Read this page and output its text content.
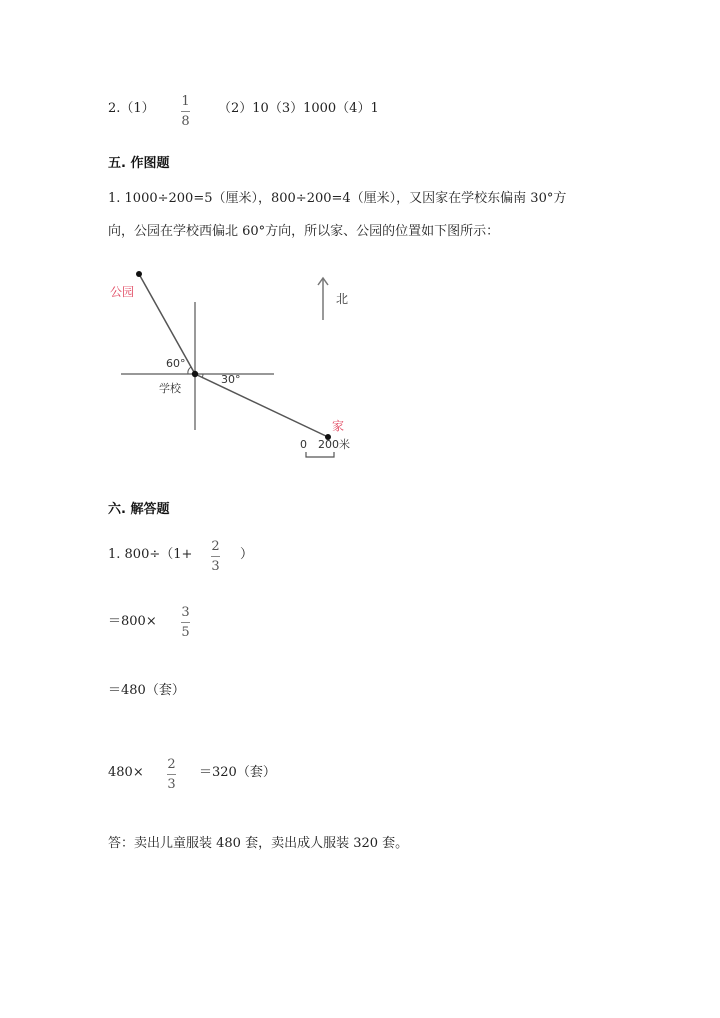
2.（1） 1
8
（2）10（3）1000（4）1
五. 作图题
1. 1000÷200=5（厘米），800÷200=4（厘米），又因家在学校东偏南 30°方
向，公园在学校西偏北 60°方向，所以家、公园的位置如下图所示：
公园	北
60°
30°
学校
家
0 200米
六. 解答题
1. 800÷（1+
2
3
）
＝800×
3
5
＝480（套）
480×
2
3
＝320（套）
答：卖出儿童服装 480 套，卖出成人服装 320 套。
